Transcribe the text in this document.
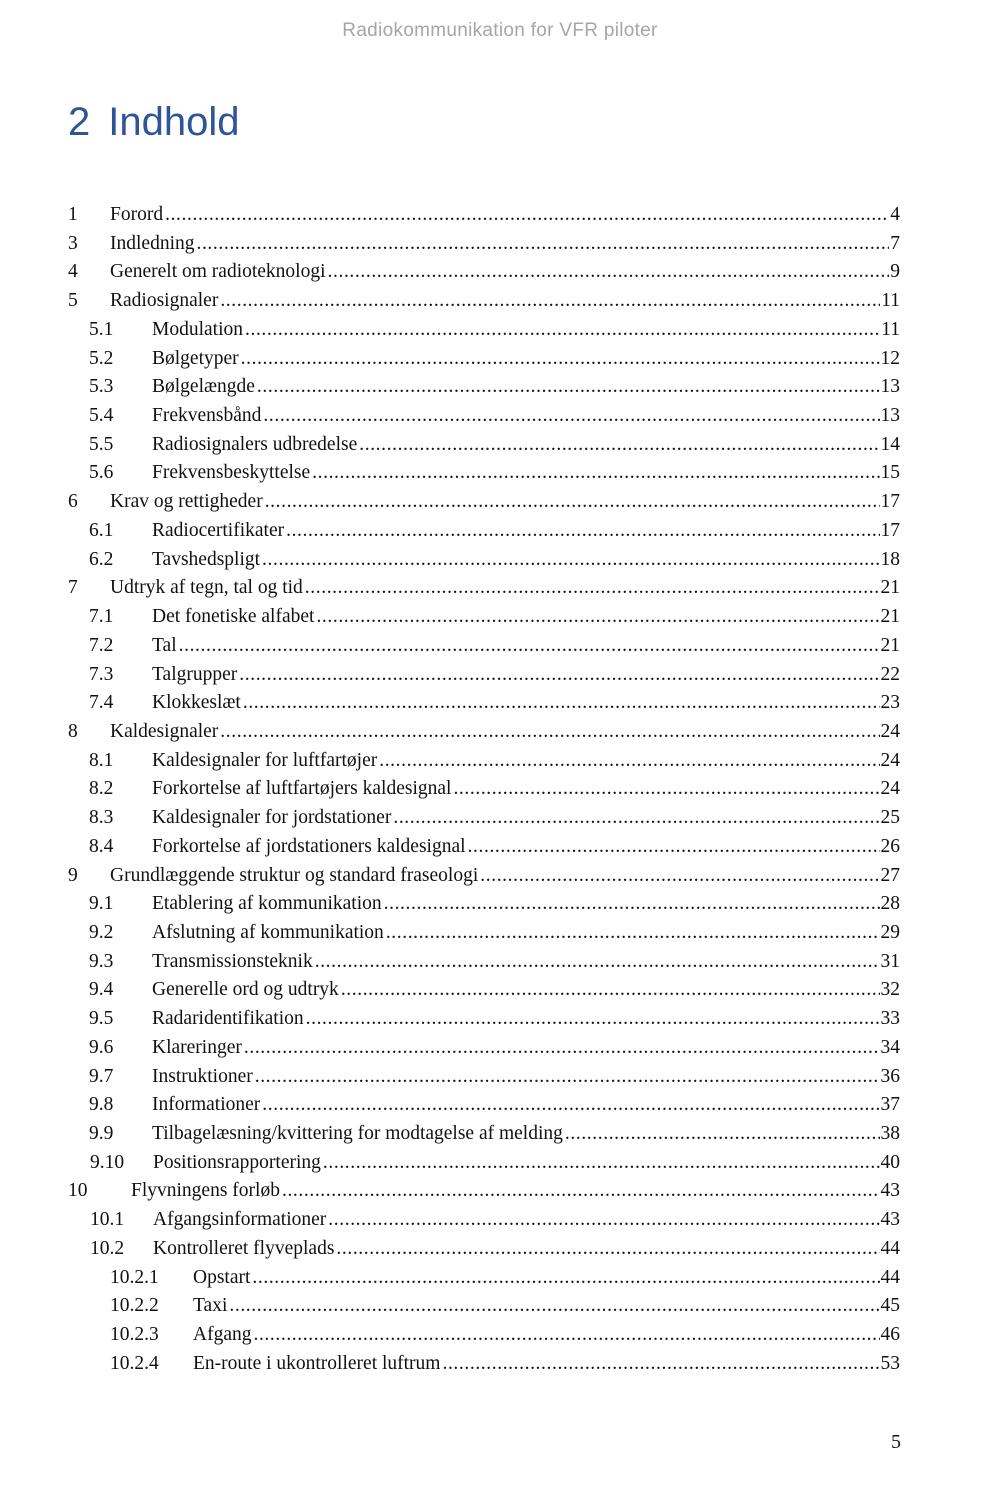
Radiokommunikation for VFR piloter
2 Indhold
1	Forord .....	4
3	Indledning .....	7
4	Generelt om radioteknologi .....	9
5	Radiosignaler .....	11
5.1	Modulation .....	11
5.2	Bølgetyper .....	12
5.3	Bølgelængde .....	13
5.4	Frekvensbånd .....	13
5.5	Radiosignalers udbredelse .....	14
5.6	Frekvensbeskyttelse .....	15
6	Krav og rettigheder .....	17
6.1	Radiocertifikater .....	17
6.2	Tavshedspligt .....	18
7	Udtryk af tegn, tal og tid .....	21
7.1	Det fonetiske alfabet .....	21
7.2	Tal .....	21
7.3	Talgrupper .....	22
7.4	Klokkeslæt .....	23
8	Kaldesignaler .....	24
8.1	Kaldesignaler for luftfartøjer .....	24
8.2	Forkortelse af luftfartøjers kaldesignal .....	24
8.3	Kaldesignaler for jordstationer .....	25
8.4	Forkortelse af jordstationers kaldesignal .....	26
9	Grundlæggende struktur og standard fraseologi .....	27
9.1	Etablering af kommunikation .....	28
9.2	Afslutning af kommunikation .....	29
9.3	Transmissionsteknik .....	31
9.4	Generelle ord og udtryk .....	32
9.5	Radaridentifikation .....	33
9.6	Klareringer .....	34
9.7	Instruktioner .....	36
9.8	Informationer .....	37
9.9	Tilbagelæsning/kvittering for modtagelse af melding .....	38
9.10	Positionsrapportering .....	40
10	Flyvningens forløb .....	43
10.1	Afgangsinformationer .....	43
10.2	Kontrolleret flyveplads .....	44
10.2.1	Opstart .....	44
10.2.2	Taxi .....	45
10.2.3	Afgang .....	46
10.2.4	En-route i ukontrolleret luftrum .....	53
5
